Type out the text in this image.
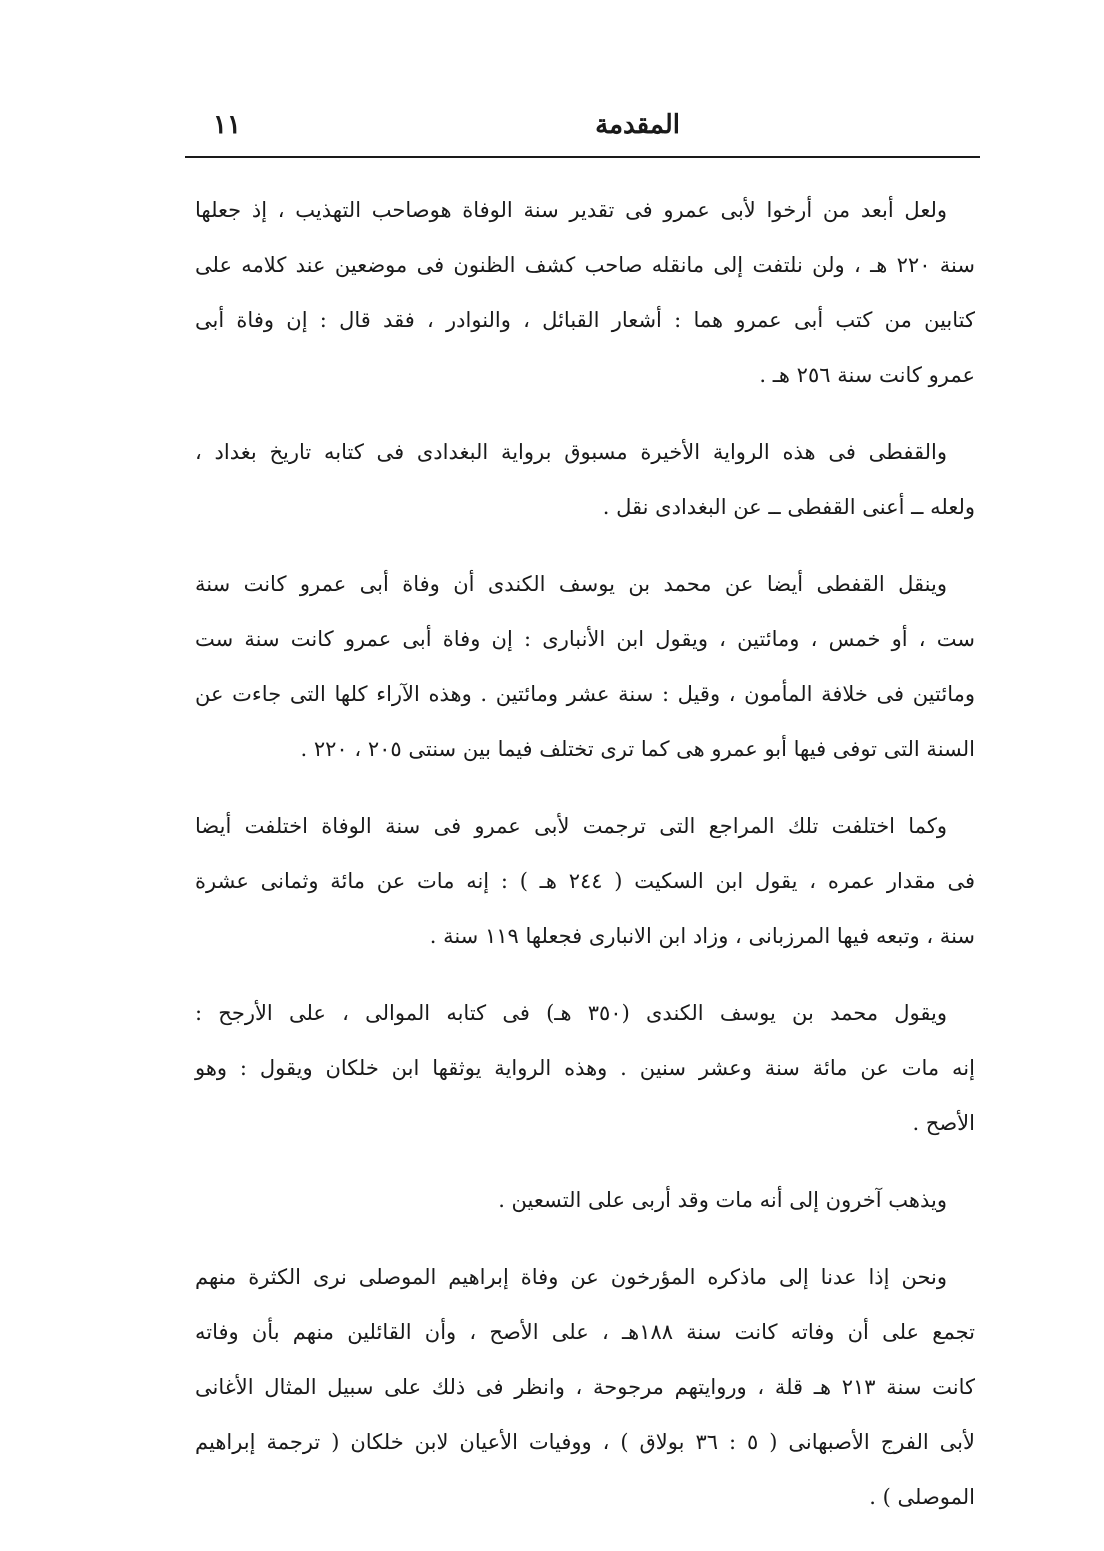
المقدمة
١١
ولعل أبعد من أرخوا لأبى عمرو فى تقدير سنة الوفاة هوصاحب التهذيب ، إذ جعلها
سنة ٢٢٠ هـ ، ولن نلتفت إلى مانقله صاحب كشف الظنون فى موضعين عند كلامه على
كتابين من كتب أبى عمرو هما : أشعار القبائل ، والنوادر ، فقد قال : إن وفاة أبى
عمرو كانت سنة ٢٥٦ هـ .
والقفطى فى هذه الرواية الأخيرة مسبوق برواية البغدادى فى كتابه تاريخ بغداد ،
ولعله ــ أعنى القفطى ــ عن البغدادى نقل .
وينقل القفطى أيضا عن محمد بن يوسف الكندى أن وفاة أبى عمرو كانت سنة
ست ، أو خمس ، ومائتين ، ويقول ابن الأنبارى : إن وفاة أبى عمرو كانت سنة ست
ومائتين فى خلافة المأمون ، وقيل : سنة عشر ومائتين . وهذه الآراء كلها التى جاءت عن
السنة التى توفى فيها أبو عمرو هى كما ترى تختلف فيما بين سنتى ٢٠٥ ، ٢٢٠ .
وكما اختلفت تلك المراجع التى ترجمت لأبى عمرو فى سنة الوفاة اختلفت أيضا
فى مقدار عمره ، يقول ابن السكيت ( ٢٤٤ هـ ) : إنه مات عن مائة وثمانى عشرة
سنة ، وتبعه فيها المرزبانى ، وزاد ابن الانبارى فجعلها ١١٩ سنة .
ويقول محمد بن يوسف الكندى (٣٥٠ هـ) فى كتابه الموالى ، على الأرجح :
إنه مات عن مائة سنة وعشر سنين . وهذه الرواية يوثقها ابن خلكان ويقول : وهو
الأصح .
ويذهب آخرون إلى أنه مات وقد أربى على التسعين .
ونحن إذا عدنا إلى ماذكره المؤرخون عن وفاة إبراهيم الموصلى نرى الكثرة منهم
تجمع على أن وفاته كانت سنة ١٨٨هـ ، على الأصح ، وأن القائلين منهم بأن وفاته
كانت سنة ٢١٣ هـ قلة ، وروايتهم مرجوحة ، وانظر فى ذلك على سبيل المثال الأغانى
لأبى الفرج الأصبهانى ( ٥ : ٣٦ بولاق ) ، ووفيات الأعيان لابن خلكان ( ترجمة إبراهيم
الموصلى ) .
